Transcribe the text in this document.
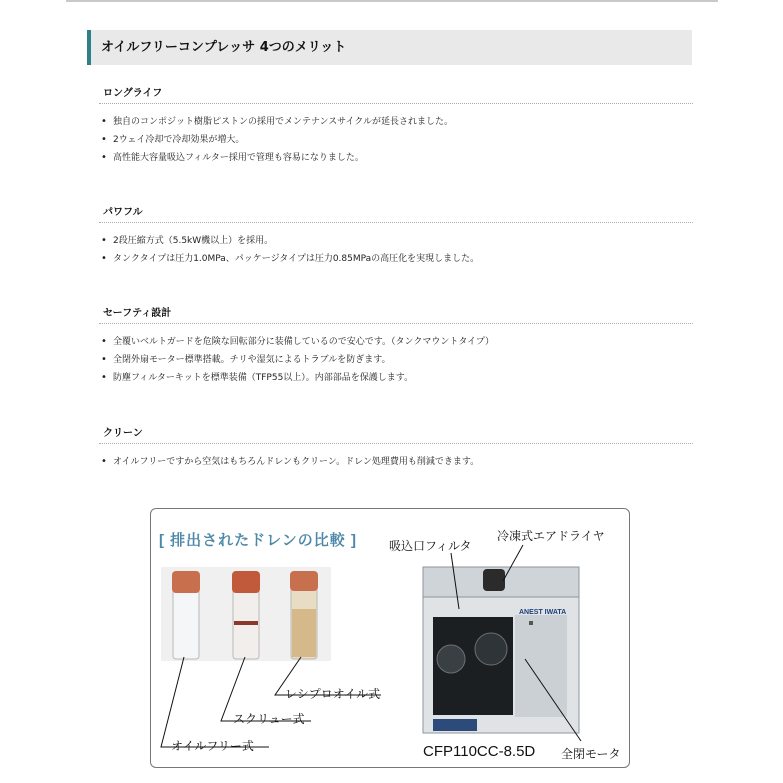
オイルフリーコンプレッサ 4つのメリット
ロングライフ
• 独自のコンポジット樹脂ピストンの採用でメンテナンスサイクルが延長されました。
• 2ウェイ冷却で冷却効果が増大。
• 高性能大容量吸込フィルター採用で管理も容易になりました。
パワフル
• 2段圧縮方式（5.5kW機以上）を採用。
• タンクタイプは圧力1.0MPa、パッケージタイプは圧力0.85MPaの高圧化を実現しました。
セーフティ設計
• 全覆いベルトガードを危険な回転部分に装備しているので安心です。（タンクマウントタイプ）
• 全閉外扇モーター標準搭載。チリや湿気によるトラブルを防ぎます。
• 防塵フィルターキットを標準装備（TFP55以上）。内部部品を保護します。
クリーン
• オイルフリーですから空気はもちろんドレンもクリーン。ドレン処理費用も削減できます。
[ 排出されたドレンの比較 ]
レシプロオイル式
スクリュー式
オイルフリー式
吸込口フィルタ
冷凍式エアドライヤ
全閉モータ
ANEST IWATA
CFP110CC-8.5D
